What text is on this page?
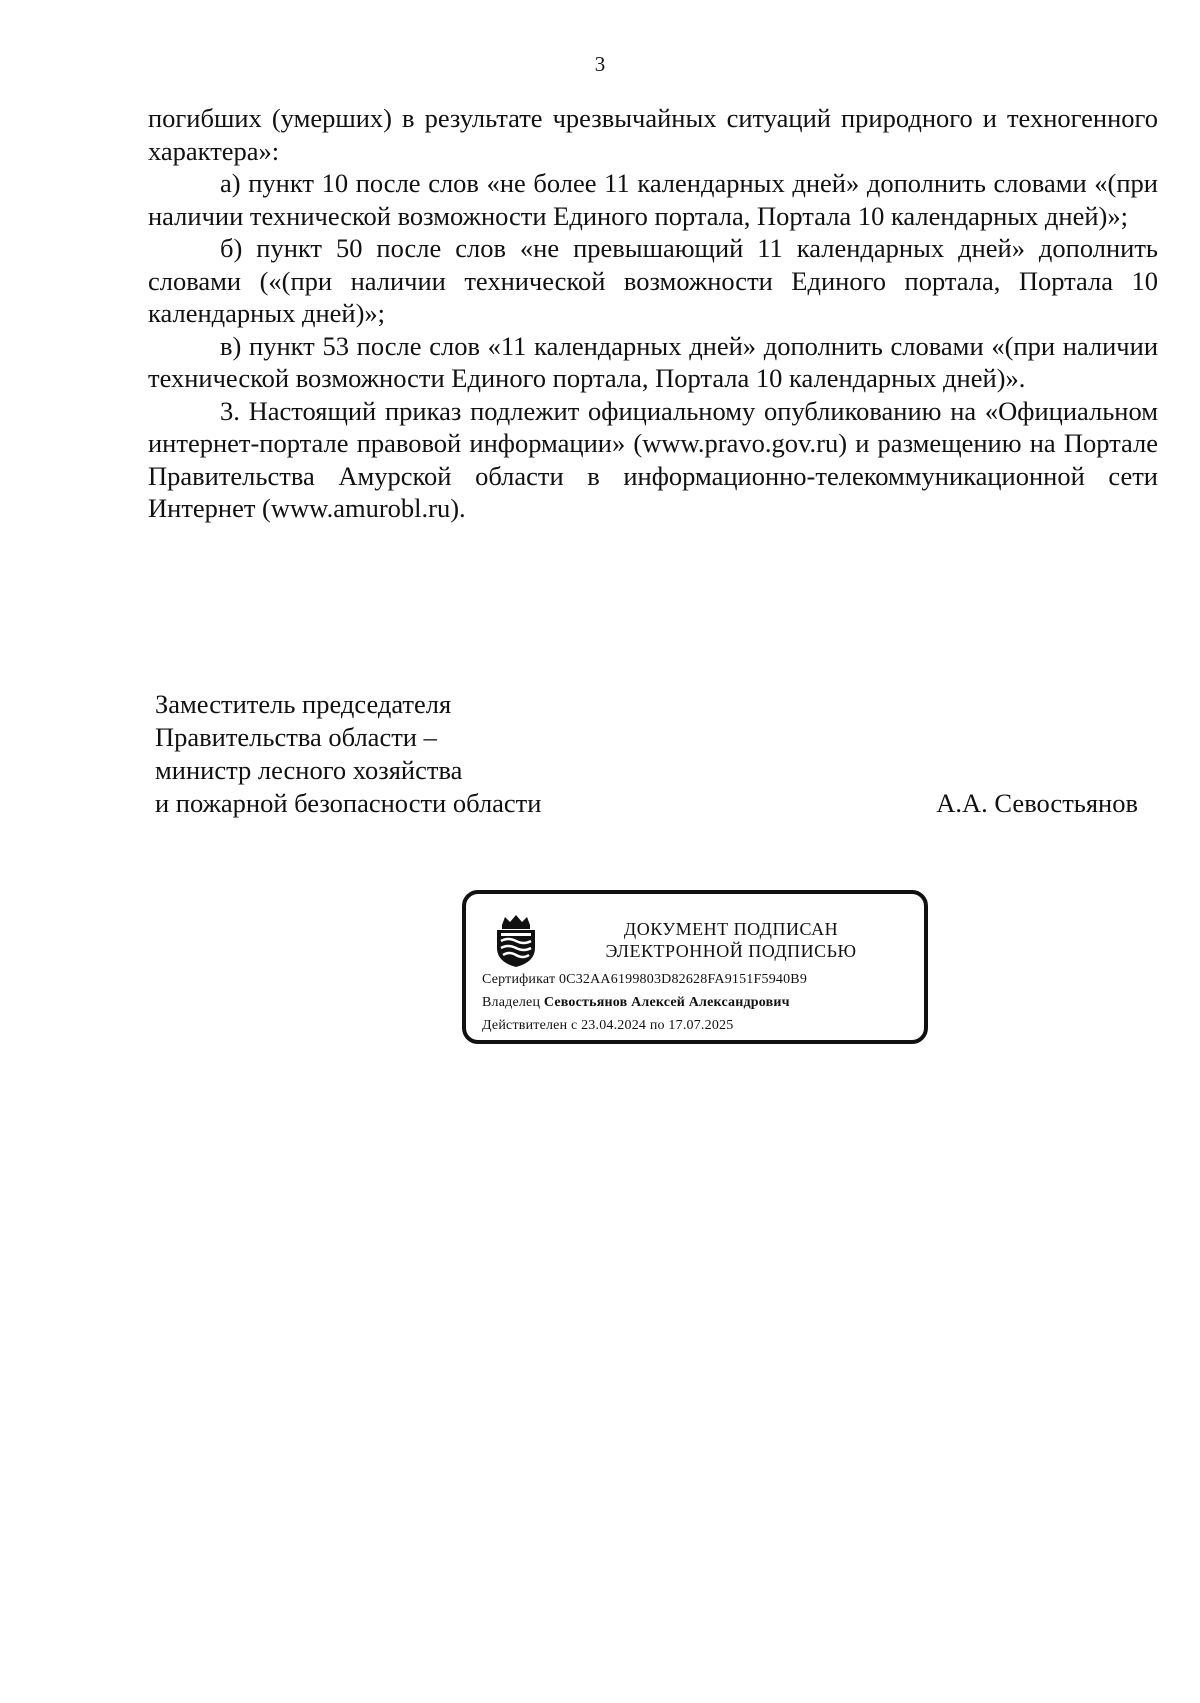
3

погибших (умерших) в результате чрезвычайных ситуаций природного и техногенного характера»:

а) пункт 10 после слов «не более 11 календарных дней» дополнить словами «(при наличии технической возможности Единого портала, Портала 10 календарных дней)»;

б) пункт 50 после слов «не превышающий 11 календарных дней» дополнить словами («(при наличии технической возможности Единого портала, Портала 10 календарных дней)»;

в) пункт 53 после слов «11 календарных дней» дополнить словами «(при наличии технической возможности Единого портала, Портала 10 календарных дней)».

3. Настоящий приказ подлежит официальному опубликованию на «Официальном интернет-портале правовой информации» (www.pravo.gov.ru) и размещению на Портале Правительства Амурской области в информационно-телекоммуникационной сети Интернет (www.amurobl.ru).

Заместитель председателя
Правительства области –
министр лесного хозяйства
и пожарной безопасности области	А.А. Севостьянов
ДОКУМЕНТ ПОДПИСАН
ЭЛЕКТРОННОЙ ПОДПИСЬЮ
Сертификат 0C32AA6199803D82628FA9151F5940B9
Владелец Севостьянов Алексей Александрович
Действителен с 23.04.2024 по 17.07.2025
